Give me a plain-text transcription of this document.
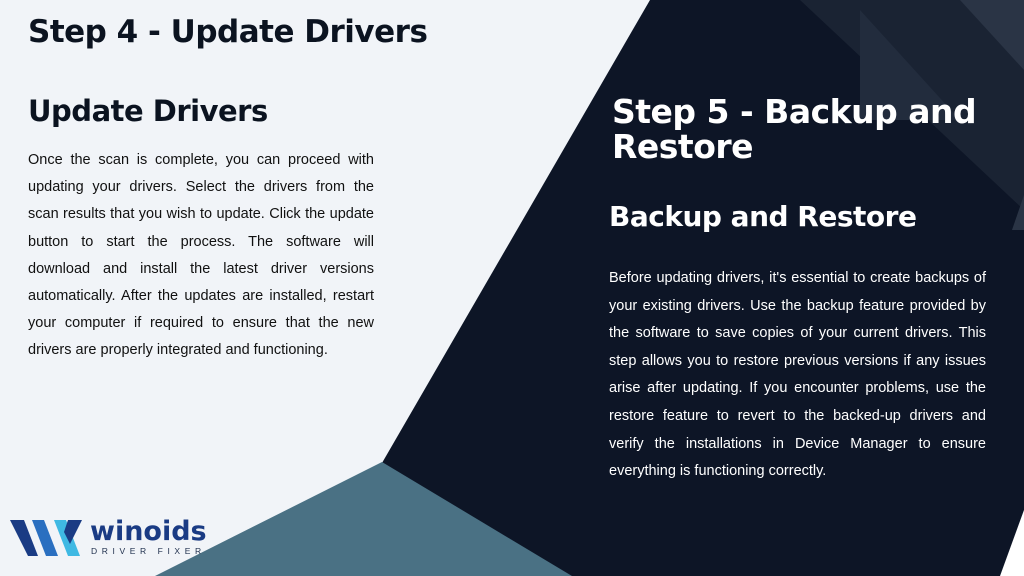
Step 4 - Update Drivers
Update Drivers

Once the scan is complete, you can proceed with updating your drivers. Select the drivers from the scan results that you wish to update. Click the update button to start the process. The software will download and install the latest driver versions automatically. After the updates are installed, restart your computer if required to ensure that the new drivers are properly integrated and functioning.

Step 5 - Backup and Restore
Backup and Restore

Before updating drivers, it's essential to create backups of your existing drivers. Use the backup feature provided by the software to save copies of your current drivers. This step allows you to restore previous versions if any issues arise after updating. If you encounter problems, use the restore feature to revert to the backed-up drivers and verify the installations in Device Manager to ensure everything is functioning correctly.

winoids
DRIVER FIXER
